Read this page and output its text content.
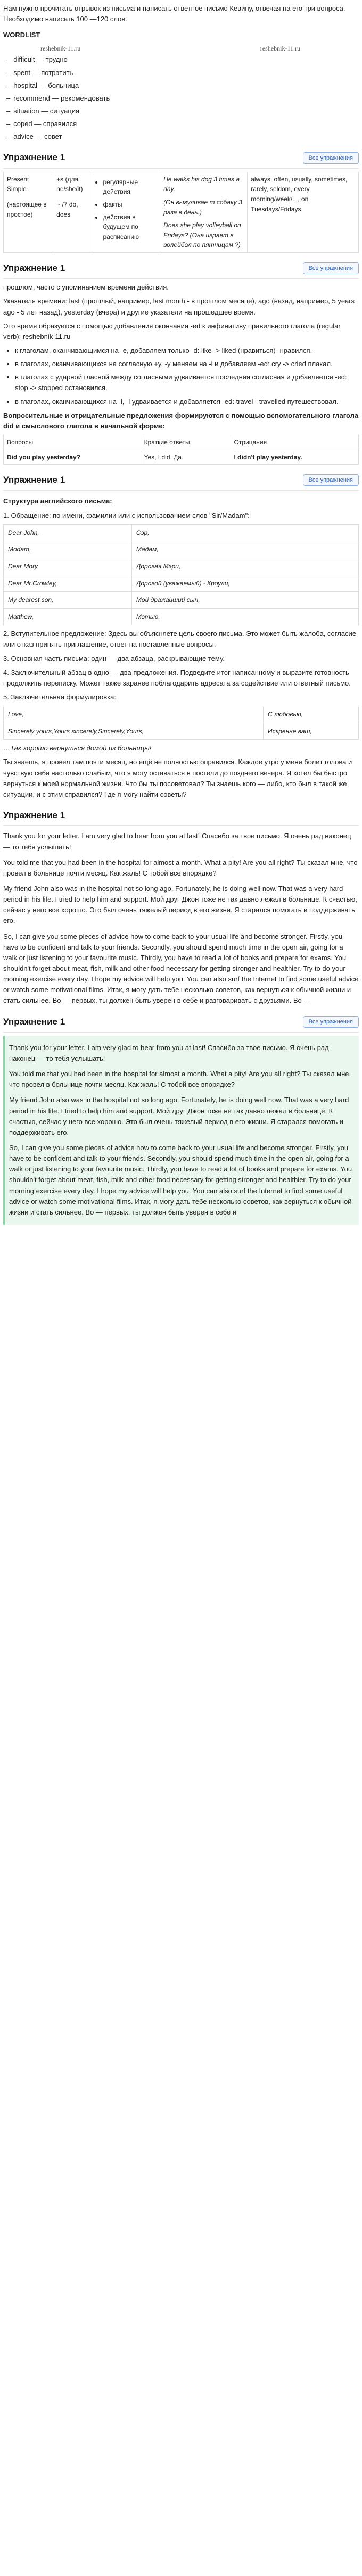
Нам нужно прочитать отрывок из письма и написать ответное письмо Кевину, отвечая на его три вопроса. Необходимо написать 100 —120 слов.

WORDLIST

reshebnik-11.ru	reshebnik-11.ru
– difficult — трудно
– spent — потратить
– hospital — больница
– recommend — рекомендовать
– situation — ситуация
– coped — справился
– advice — совет
Упражнение 1	Все упражнения
Present Simple
(настоящее в простое)

+s (для he/she/it)
~ /7 do, does

• регулярные действия
• факты
• действия в будущем по расписанию

He walks his dog 3 times a day.
(Он выгуливае т собаку 3 раза в день.)
Does she play volleyball on Fridays? (Она играет в волейбол по пятницам ?)

always, often, usually, sometimes, rarely, seldom, every morning/week/..., on Tuesdays/Fridays
Упражнение 1	Все упражнения

прошлом, часто с упоминанием времени действия.

Указателя времени: last (прошлый, например, last month - в прошлом месяце), ago (назад, например, 5 years ago - 5 лет назад), yesterday (вчера) и другие указатели на прошедшее время.

Это время образуется с помощью добавления окончания -ed к инфинитиву правильного глагола (regular verb): reshebnik-11.ru

• к глаголам, оканчивающимся на -e, добавляем только -d: like -> liked (нравиться)- нравился.
• в глаголах, оканчивающихся на согласную +y, -y меняем на -i и добавляем -ed: cry -> cried плакал.
• в глаголах с ударной гласной между согласными удваивается последняя согласная и добавляется -ed: stop -> stopped остановился.
• в глаголах, оканчивающихся на -l, -l удваивается и добавляется -ed: travel - travelled путешествовал.

Вопросительные и отрицательные предложения формируются с помощью вспомогательного глагола did и смыслового глагола в начальной форме:

Вопросы	Краткие ответы	Отрицания
Did you play yesterday?	Yes, I did. Да.	I didn't play yesterday.
Упражнение 1	Все упражнения

Структура английского письма:

1. Обращение: по имени, фамилии или с использованием слов "Sir/Madam":

Dear John,	Cэр,
Modam,	Мадам,
Dear Mory,	Дорогая Мэри,
Dear Mr.Crowley,	Дорогой (уважаемый)~ Кроули,
My dearest son,	Мой дражайший сын,
Matthew,	Мэтью,

2. Вступительное предложение: Здесь вы объясняете цель своего письма. Это может быть жалоба, согласие или отказ принять приглашение, ответ на поставленные вопросы.

3. Основная часть письма: один — два абзаца, раскрывающие тему.

4. Заключительный абзац в одно — два предложения. Подведите итог написанному и выразите готовность продолжить переписку. Может также заранее поблагодарить адресата за содействие или ответный письмо.

5. Заключительная формулировка:

Love,	С любовью,
Sincerely yours,Yours sincerely,Sincerely,Yours,	Искренне ваш,

…Так хорошо вернуться домой из больницы!

Ты знаешь, я провел там почти месяц, но ещё не полностью оправился. Каждое утро у меня болит голова и чувствую себя настолько слабым, что я могу оставаться в постели до позднего вечера. Я хотел бы быстро вернуться к моей нормальной жизни. Что бы ты посоветовал? Ты знаешь кого — либо, кто был в такой же ситуации, и с этим справился? Где я могу найти советы?

Упражнение 1

Thank you for your letter. I am very glad to hear from you at last! Спасибо за твое письмо. Я очень рад наконец — то тебя услышать!

You told me that you had been in the hospital for almost a month. What a pity! Are you all right? Ты сказал мне, что провел в больнице почти месяц. Как жаль! С тобой все впорядке?

My friend John also was in the hospital not so long ago. Fortunately, he is doing well now. That was a very hard period in his life. I tried to help him and support. Мой друг Джон тоже не так давно лежал в больнице. К счастью, сейчас у него все хорошо. Это был очень тяжелый период в его жизни. Я старался помогать и поддерживать его.

So, I can give you some pieces of advice how to come back to your usual life and become stronger. Firstly, you have to be confident and talk to your friends. Secondly, you should spend much time in the open air, going for a walk or just listening to your favourite music. Thirdly, you have to read a lot of books and prepare for exams. You shouldn't forget about meat, fish, milk and other food necessary for getting stronger and healthier. Try to do your morning exercise every day. I hope my advice will help you. You can also surf the Internet to find some useful advice or watch some motivational films. Итак, я могу дать тебе несколько советов, как вернуться к обычной жизни и стать сильнее. Во — первых, ты должен быть уверен в себе и разговаривать с друзьями. Во —

Упражнение 1	Все упражнения

Thank you for your letter. I am very glad to hear from you at last! Спасибо за твое письмо. Я очень рад наконец — то тебя услышать!

You told me that you had been in the hospital for almost a month. What a pity! Are you all right? Ты сказал мне, что провел в больнице почти месяц. Как жаль! С тобой все впорядке?

My friend John also was in the hospital not so long ago. Fortunately, he is doing well now. That was a very hard period in his life. I tried to help him and support. Мой друг Джон тоже не так давно лежал в больнице. К счастью, сейчас у него все хорошо. Это был очень тяжелый период в его жизни. Я старался помогать и поддерживать его.

So, I can give you some pieces of advice how to come back to your usual life and become stronger. Firstly, you have to be confident and talk to your friends. Secondly, you should spend much time in the open air, going for a walk or just listening to your favourite music. Thirdly, you have to read a lot of books and prepare for exams. You shouldn't forget about meat, fish, milk and other food necessary for getting stronger and healthier. Try to do your morning exercise every day. I hope my advice will help you. You can also surf the Internet to find some useful advice or watch some motivational films. Итак, я могу дать тебе несколько советов, как вернуться к обычной жизни и стать сильнее. Во — первых, ты должен быть уверен в себе и
